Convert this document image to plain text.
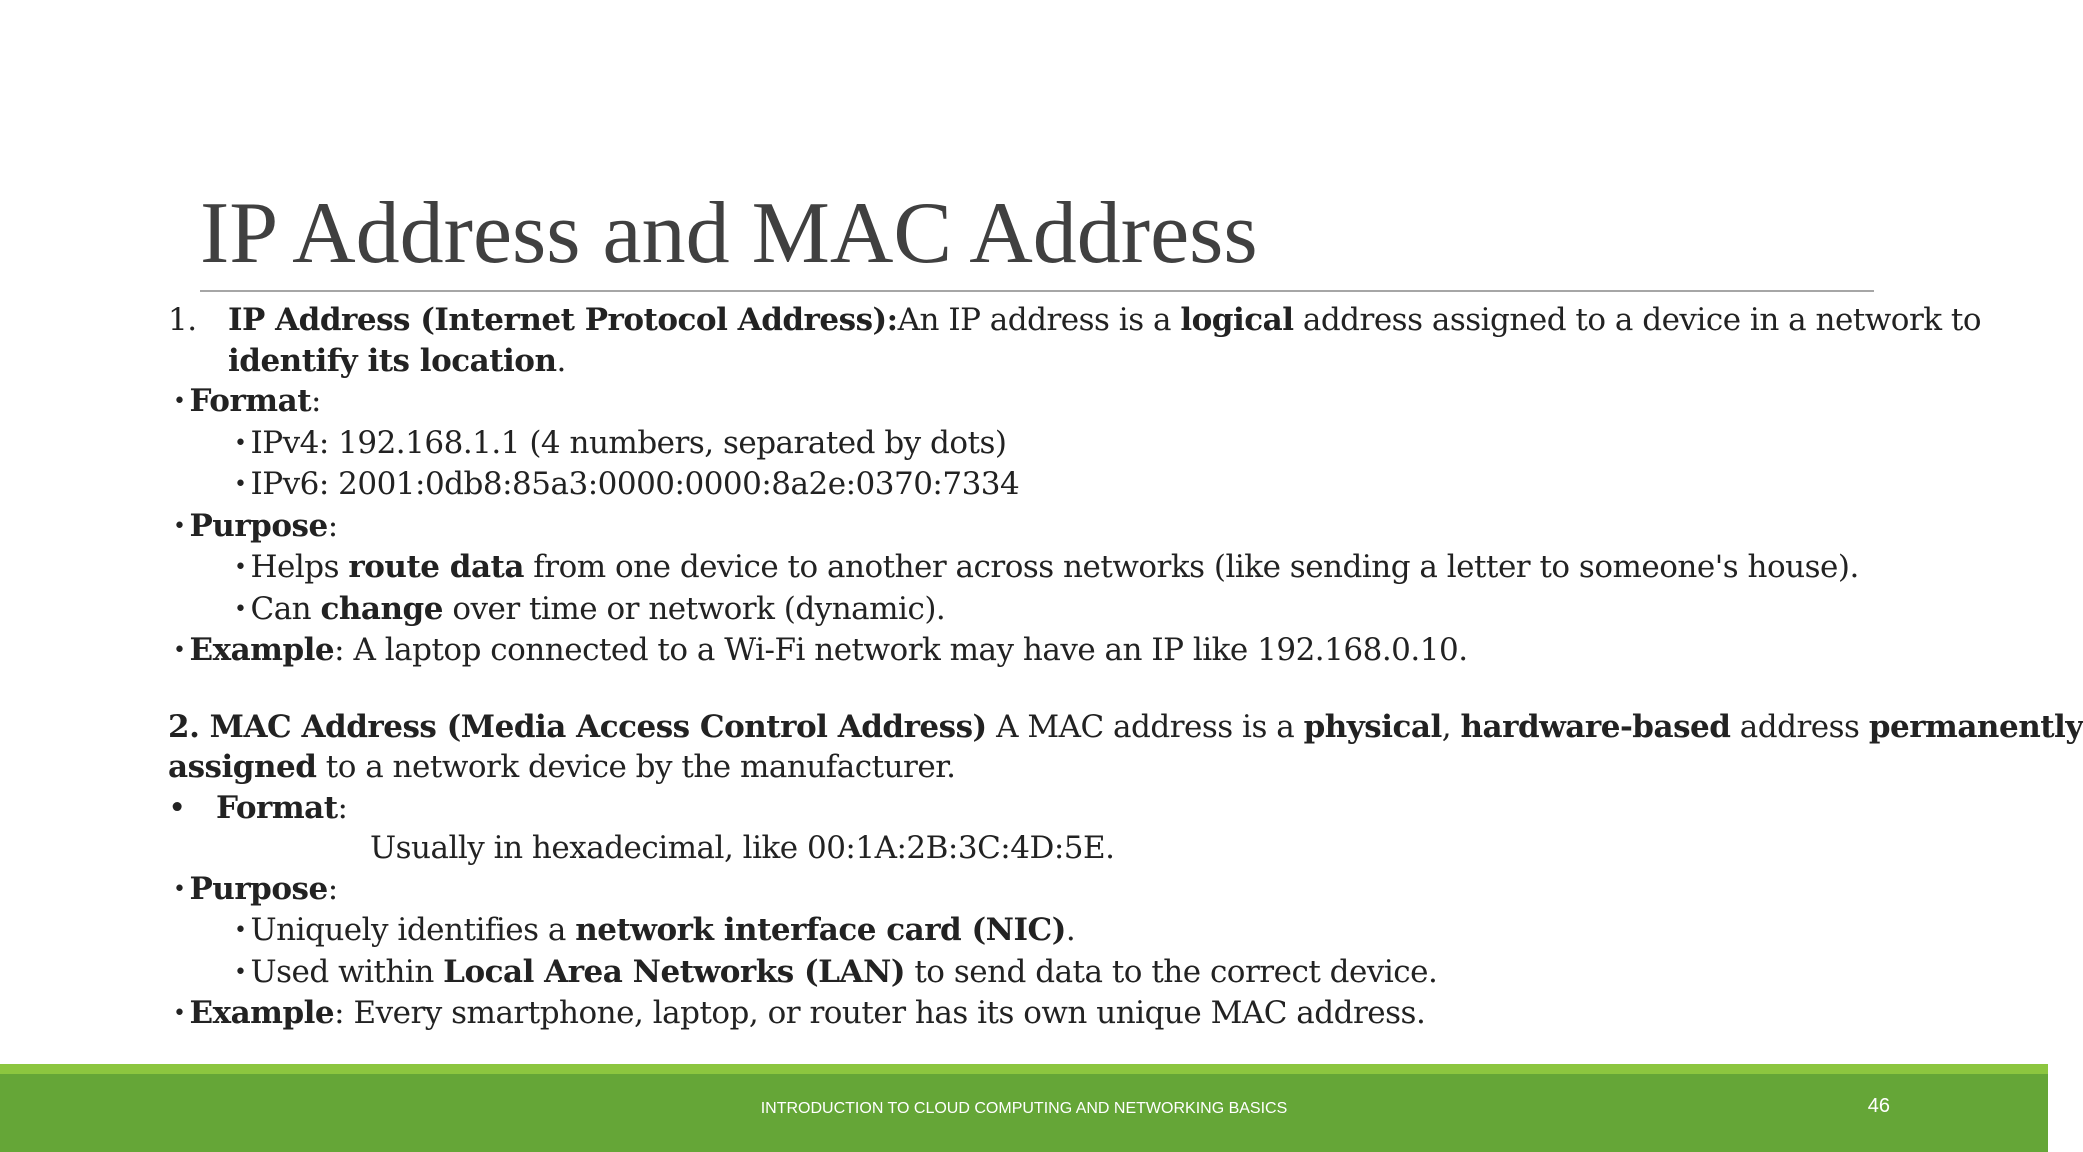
IP Address and MAC Address
1. IP Address (Internet Protocol Address):An IP address is a logical address assigned to a device in a network to
identify its location.
• Format:
• IPv4: 192.168.1.1 (4 numbers, separated by dots)
• IPv6: 2001:0db8:85a3:0000:0000:8a2e:0370:7334
• Purpose:
• Helps route data from one device to another across networks (like sending a letter to someone's house).
• Can change over time or network (dynamic).
• Example: A laptop connected to a Wi-Fi network may have an IP like 192.168.0.10.
2. MAC Address (Media Access Control Address) A MAC address is a physical, hardware-based address permanently
assigned to a network device by the manufacturer.
• Format:
Usually in hexadecimal, like 00:1A:2B:3C:4D:5E.
• Purpose:
• Uniquely identifies a network interface card (NIC).
• Used within Local Area Networks (LAN) to send data to the correct device.
• Example: Every smartphone, laptop, or router has its own unique MAC address.
INTRODUCTION TO CLOUD COMPUTING AND NETWORKING BASICS	46
